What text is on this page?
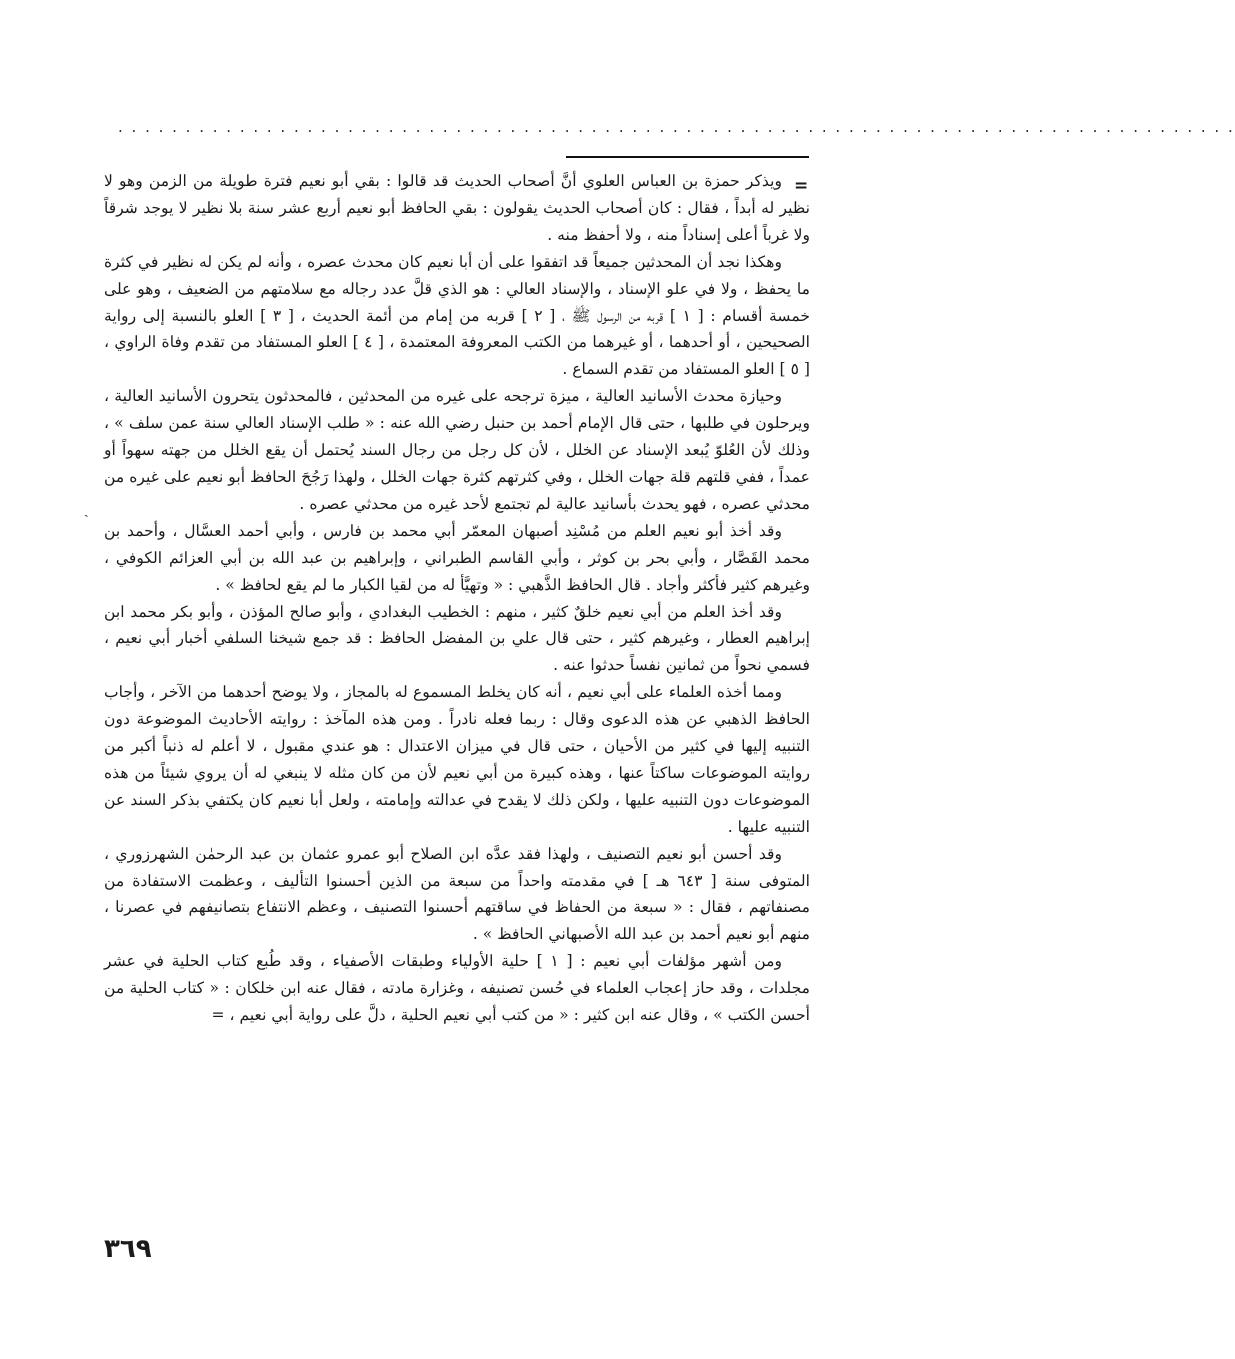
. . . . . . . . . . . . . . . . . . . . . . . . . . . . . . . . . . . . . . . . . . . . . . . . . . . . . . . . . . . . . . . . . . . . . . . . . . . . . . . . . . .
=
ˎ

ويذكر حمزة بن العباس العلوي أنَّ أصحاب الحديث قد قالوا : بقي أبو نعيم فترة طويلة من الزمن وهو لا نظير له أبداً ، فقال : كان أصحاب الحديث يقولون : بقي الحافظ أبو نعيم أربع عشر سنة بلا نظير لا يوجد شرقاً ولا غرباً أعلى إسناداً منه ، ولا أحفظ منه .

وهكذا نجد أن المحدثين جميعاً قد اتفقوا على أن أبا نعيم كان محدث عصره ، وأنه لم يكن له نظير في كثرة ما يحفظ ، ولا في علو الإسناد ، والإسناد العالي : هو الذي قلَّ عدد رجاله مع سلامتهم من الضعيف ، وهو على خمسة أقسام : [ ١ ] قربه من الرسول ﷺ ، [ ٢ ] قربه من إمام من أئمة الحديث ، [ ٣ ] العلو بالنسبة إلى رواية الصحيحين ، أو أحدهما ، أو غيرهما من الكتب المعروفة المعتمدة ، [ ٤ ] العلو المستفاد من تقدم وفاة الراوي ، [ ٥ ] العلو المستفاد من تقدم السماع .

وحيازة محدث الأسانيد العالية ، ميزة ترجحه على غيره من المحدثين ، فالمحدثون يتحرون الأسانيد العالية ، ويرحلون في طلبها ، حتى قال الإمام أحمد بن حنبل رضي الله عنه : « طلب الإسناد العالي سنة عمن سلف » ، وذلك لأن العُلوّ يُبعد الإسناد عن الخلل ، لأن كل رجل من رجال السند يُحتمل أن يقع الخلل من جهته سهواً أو عمداً ، ففي قلتهم قلة جهات الخلل ، وفي كثرتهم كثرة جهات الخلل ، ولهذا رَجُحَ الحافظ أبو نعيم على غيره من محدثي عصره ، فهو يحدث بأسانيد عالية لم تجتمع لأحد غيره من محدثي عصره .

وقد أخذ أبو نعيم العلم من مُسْنِد أصبهان المعمّر أبي محمد بن فارس ، وأبي أحمد العسَّال ، وأحمد بن محمد القَصَّار ، وأبي بحر بن كوثر ، وأبي القاسم الطبراني ، وإبراهيم بن عبد الله بن أبي العزائم الكوفي ، وغيرهم كثير فأكثر وأجاد . قال الحافظ الذَّهبي : « وتهيَّأ له من لقيا الكبار ما لم يقع لحافظ » .

وقد أخذ العلم من أبي نعيم خلقٌ كثير ، منهم : الخطيب البغدادي ، وأبو صالح المؤذن ، وأبو بكر محمد ابن إبراهيم العطار ، وغيرهم كثير ، حتى قال علي بن المفضل الحافظ : قد جمع شيخنا السلفي أخبار أبي نعيم ، فسمي نحواً من ثمانين نفساً حدثوا عنه .

ومما أخذه العلماء على أبي نعيم ، أنه كان يخلط المسموع له بالمجاز ، ولا يوضح أحدهما من الآخر ، وأجاب الحافظ الذهبي عن هذه الدعوى وقال : ربما فعله نادراً . ومن هذه المآخذ : روايته الأحاديث الموضوعة دون التنبيه إليها في كثير من الأحيان ، حتى قال في ميزان الاعتدال : هو عندي مقبول ، لا أعلم له ذنباً أكبر من روايته الموضوعات ساكتاً عنها ، وهذه كبيرة من أبي نعيم لأن من كان مثله لا ينبغي له أن يروي شيئاً من هذه الموضوعات دون التنبيه عليها ، ولكن ذلك لا يقدح في عدالته وإمامته ، ولعل أبا نعيم كان يكتفي بذكر السند عن التنبيه عليها .

وقد أحسن أبو نعيم التصنيف ، ولهذا فقد عدَّه ابن الصلاح أبو عمرو عثمان بن عبد الرحمٰن الشهرزوري ، المتوفى سنة [ ٦٤٣ هـ ] في مقدمته واحداً من سبعة من الذين أحسنوا التأليف ، وعظمت الاستفادة من مصنفاتهم ، فقال : « سبعة من الحفاظ في ساقتهم أحسنوا التصنيف ، وعظم الانتفاع بتصانيفهم في عصرنا ، منهم أبو نعيم أحمد بن عبد الله الأصبهاني الحافظ » .

ومن أشهر مؤلفات أبي نعيم : [ ١ ] حلية الأولياء وطبقات الأصفياء ، وقد طُبع كتاب الحلية في عشر مجلدات ، وقد حاز إعجاب العلماء في حُسن تصنيفه ، وغزارة مادته ، فقال عنه ابن خلكان : « كتاب الحلية من أحسن الكتب » ، وقال عنه ابن كثير : « من كتب أبي نعيم الحلية ، دلَّ على رواية أبي نعيم ، =

٣٦٩
